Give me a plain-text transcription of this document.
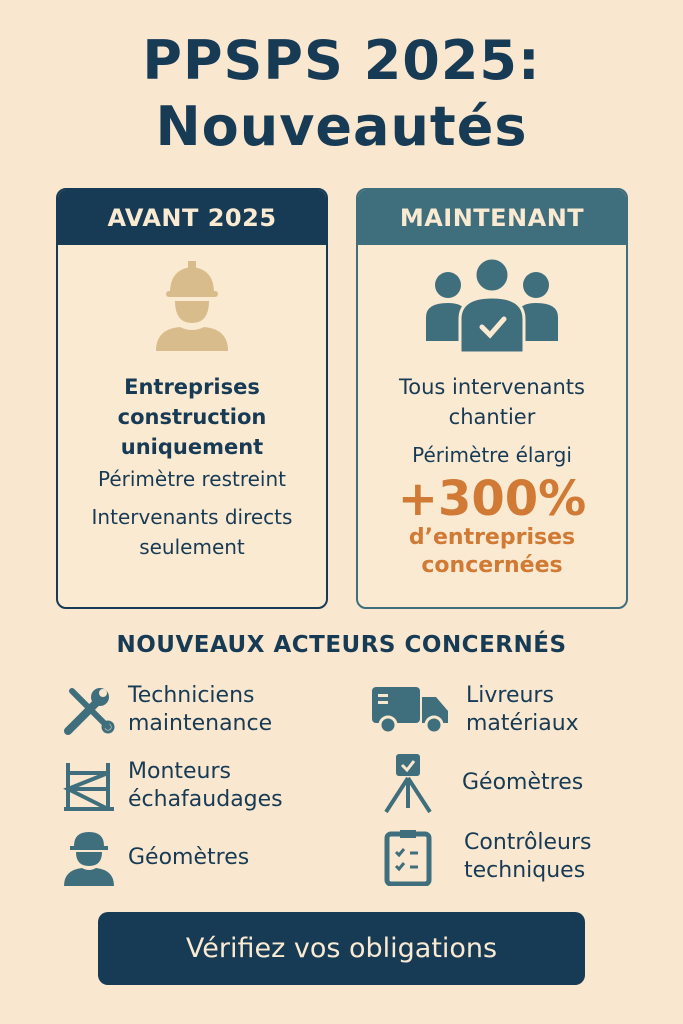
PPSPS 2025:
Nouveautés
AVANT 2025
Entreprises
construction
uniquement
Périmètre restreint
Intervenants directs
seulement
MAINTENANT
Tous intervenants
chantier
Périmètre élargi
+300%
d’entreprises
concernées
NOUVEAUX ACTEURS CONCERNÉS
Techniciens
maintenance
Livreurs
matériaux
Monteurs
échafaudages
Géomètres
Géomètres
Contrôleurs
techniques
Vérifiez vos obligations
